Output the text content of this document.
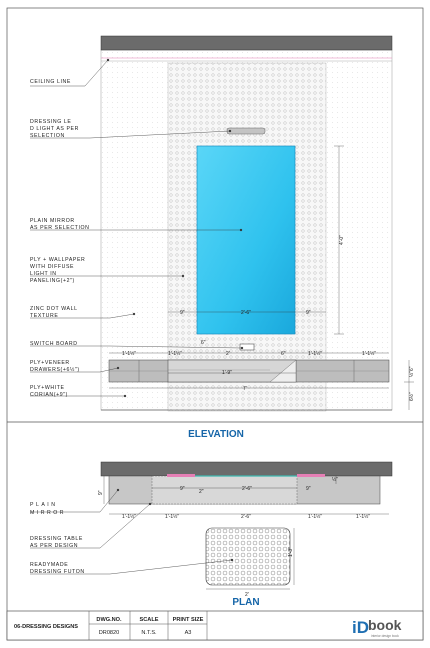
CEILING LINE
DRESSING LE
D LIGHT AS PER
SELECTION
PLAIN MIRROR
AS PER SELECTION
PLY + WALLPAPER
WITH DIFFUSE
LIGHT IN
PANELING(+2")
ZINC DOT WALL
TEXTURE
SWITCH BOARD
PLY+VENEER
DRAWERS(+6½")
PLY+WHITE
CORIAN(+9")
4'-0"
2'-6"
9"	9"
6"
1'-1½"	1'-1½"	2'	6"	1'-1½"	1'-1½"
1'-9"
7'
½"6"
6½"
ELEVATION
9"
9"	2"	2'-6"	9"
½"
1'-1½"	1'-1½"	2'-6"	1'-1½"	1'-1½"
2'
1'-3"
PLAIN
MIRROR
DRESSING TABLE
AS PER DESIGN
READYMADE
DRESSING FUTON
PLAN
06-DRESSING DESIGNS
DWG.NO.
DR0820
SCALE
N.T.S.
PRINT SIZE
A3	iD book
interior design book
